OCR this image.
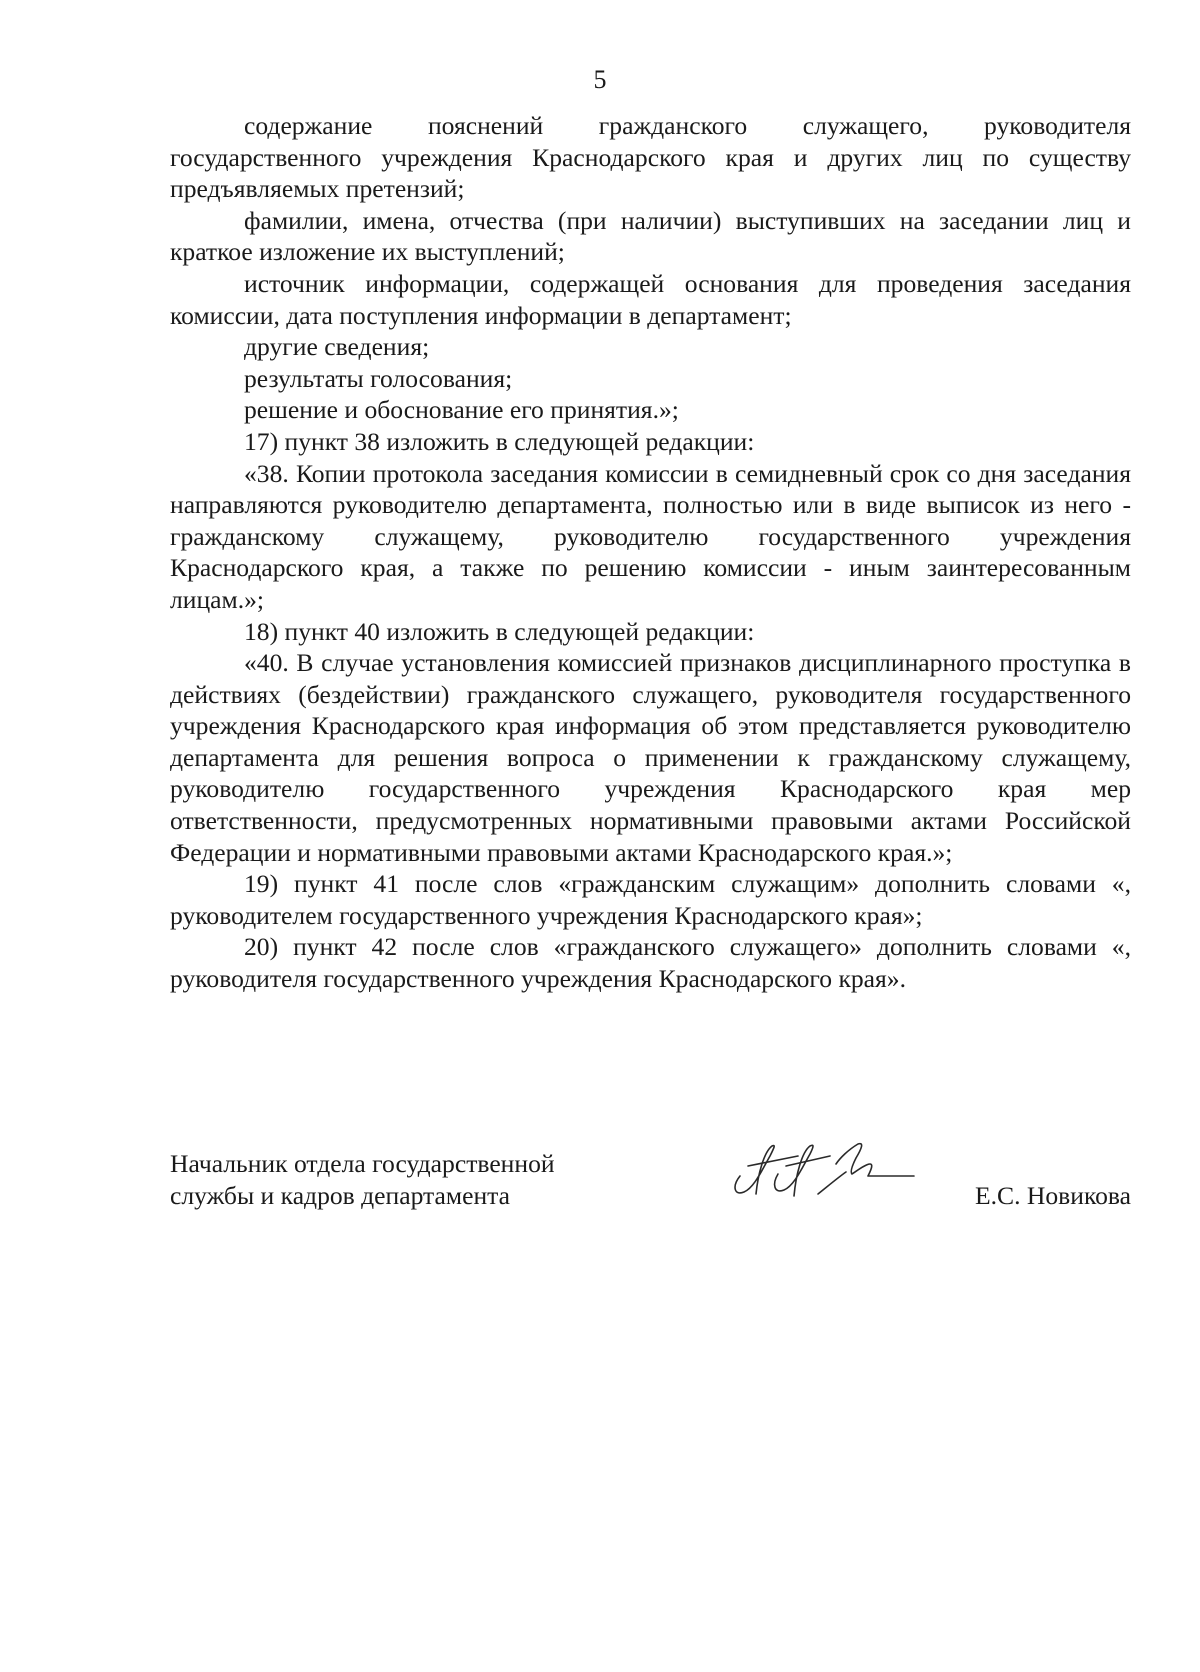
5

содержание пояснений гражданского служащего, руководителя государственного учреждения Краснодарского края и других лиц по существу предъявляемых претензий;

фамилии, имена, отчества (при наличии) выступивших на заседании лиц и краткое изложение их выступлений;

источник информации, содержащей основания для проведения заседания комиссии, дата поступления информации в департамент;

другие сведения;

результаты голосования;

решение и обоснование его принятия.»;

17) пункт 38 изложить в следующей редакции:

«38. Копии протокола заседания комиссии в семидневный срок со дня заседания направляются руководителю департамента, полностью или в виде выписок из него - гражданскому служащему, руководителю государственного учреждения Краснодарского края, а также по решению комиссии - иным заинтересованным лицам.»;

18) пункт 40 изложить в следующей редакции:

«40. В случае установления комиссией признаков дисциплинарного проступка в действиях (бездействии) гражданского служащего, руководителя государственного учреждения Краснодарского края информация об этом представляется руководителю департамента для решения вопроса о применении к гражданскому служащему, руководителю государственного учреждения Краснодарского края мер ответственности, предусмотренных нормативными правовыми актами Российской Федерации и нормативными правовыми актами Краснодарского края.»;

19) пункт 41 после слов «гражданским служащим» дополнить словами «, руководителем государственного учреждения Краснодарского края»;

20) пункт 42 после слов «гражданского служащего» дополнить словами «, руководителя государственного учреждения Краснодарского края».

Начальник отдела государственной
службы и кадров департамента	Е.С. Новикова
